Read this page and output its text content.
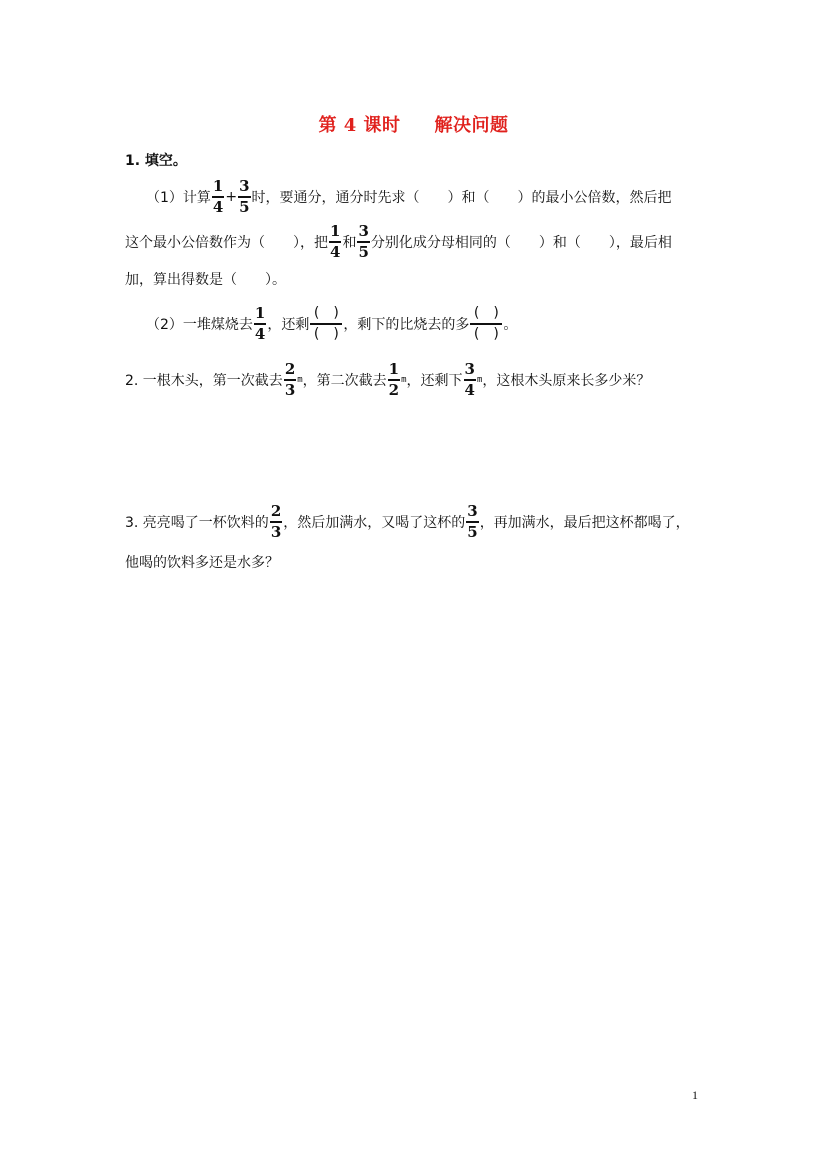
第 4 课时 解决问题
1. 填空。
（1）计算 $\frac{1}{4} + \frac{3}{5}$ 时，要通分，通分时先求（　　）和（　　）的最小公倍数，然后把
这个最小公倍数作为（　　），把 $\frac{1}{4}$ 和 $\frac{3}{5}$ 分别化成分母相同的（　　）和（　　），最后相
加，算出得数是（　　）。
（2）一堆煤烧去 $\frac{1}{4}$ ，还剩 $\frac{( )}{( )}$ ，剩下的比烧去的多 $\frac{( )}{( )}$ 。
2. 一根木头，第一次截去 $\frac{2}{3}$ m ，第二次截去 $\frac{1}{2}$ m ，还剩下 $\frac{3}{4}$ m ，这根木头原来长多少米？
3. 亮亮喝了一杯饮料的 $\frac{2}{3}$ ，然后加满水，又喝了这杯的 $\frac{3}{5}$ ，再加满水，最后把这杯都喝了，
他喝的饮料多还是水多？
1
